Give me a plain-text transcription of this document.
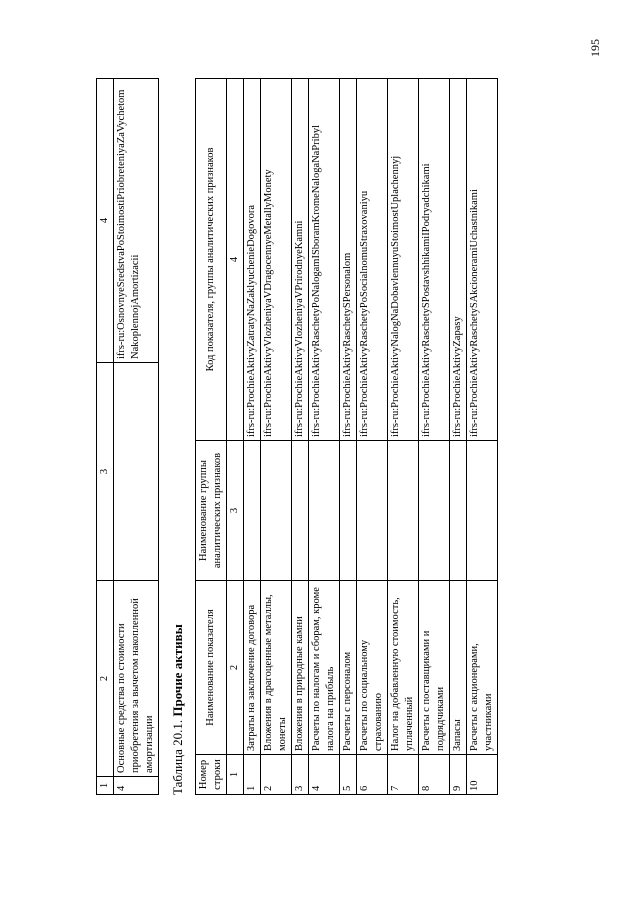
1	2	3	4
4	Основные средства по стоимости приобретения за вычетом накопленной амортизации		ifrs-ru:OsnovnyeSredstvaPoStoimostiPriobreteniyaZaVychetomNakoplennojAmortizacii
Таблица 20.1. Прочие активы
Номер строки	Наименование показателя	Наименование группы аналитических признаков	Код показателя, группы аналитических признаков
1	2	3	4
1	Затраты на заключение договора		ifrs-ru:ProchieAktivyZatratyNaZaklyuchenieDogovora
2	Вложения в драгоценные металлы, монеты		ifrs-ru:ProchieAktivyVlozheniyaVDragocennyeMetallyMonety
3	Вложения в природные камни		ifrs-ru:ProchieAktivyVlozheniyaVPrirodnyeKamni
4	Расчеты по налогам и сборам, кроме налога на прибыль		ifrs-ru:ProchieAktivyRaschetyPoNalogamISboramKromeNalogaNaPribyl
5	Расчеты с персоналом		ifrs-ru:ProchieAktivyRaschetySPersonalom
6	Расчеты по социальному страхованию		ifrs-ru:ProchieAktivyRaschetyPoSocialnomuStraxovaniyu
7	Налог на добавленную стоимость, уплаченный		ifrs-ru:ProchieAktivyNalogNaDobavlennuyuStoimostUplachennyj
8	Расчеты с поставщиками и подрядчиками		ifrs-ru:ProchieAktivyRaschetySPostavshhikamiIPodryadchikami
9	Запасы		ifrs-ru:ProchieAktivyZapasy
10	Расчеты с акционерами, участниками		ifrs-ru:ProchieAktivyRaschetySAkcioneramiUchastnikami
195
